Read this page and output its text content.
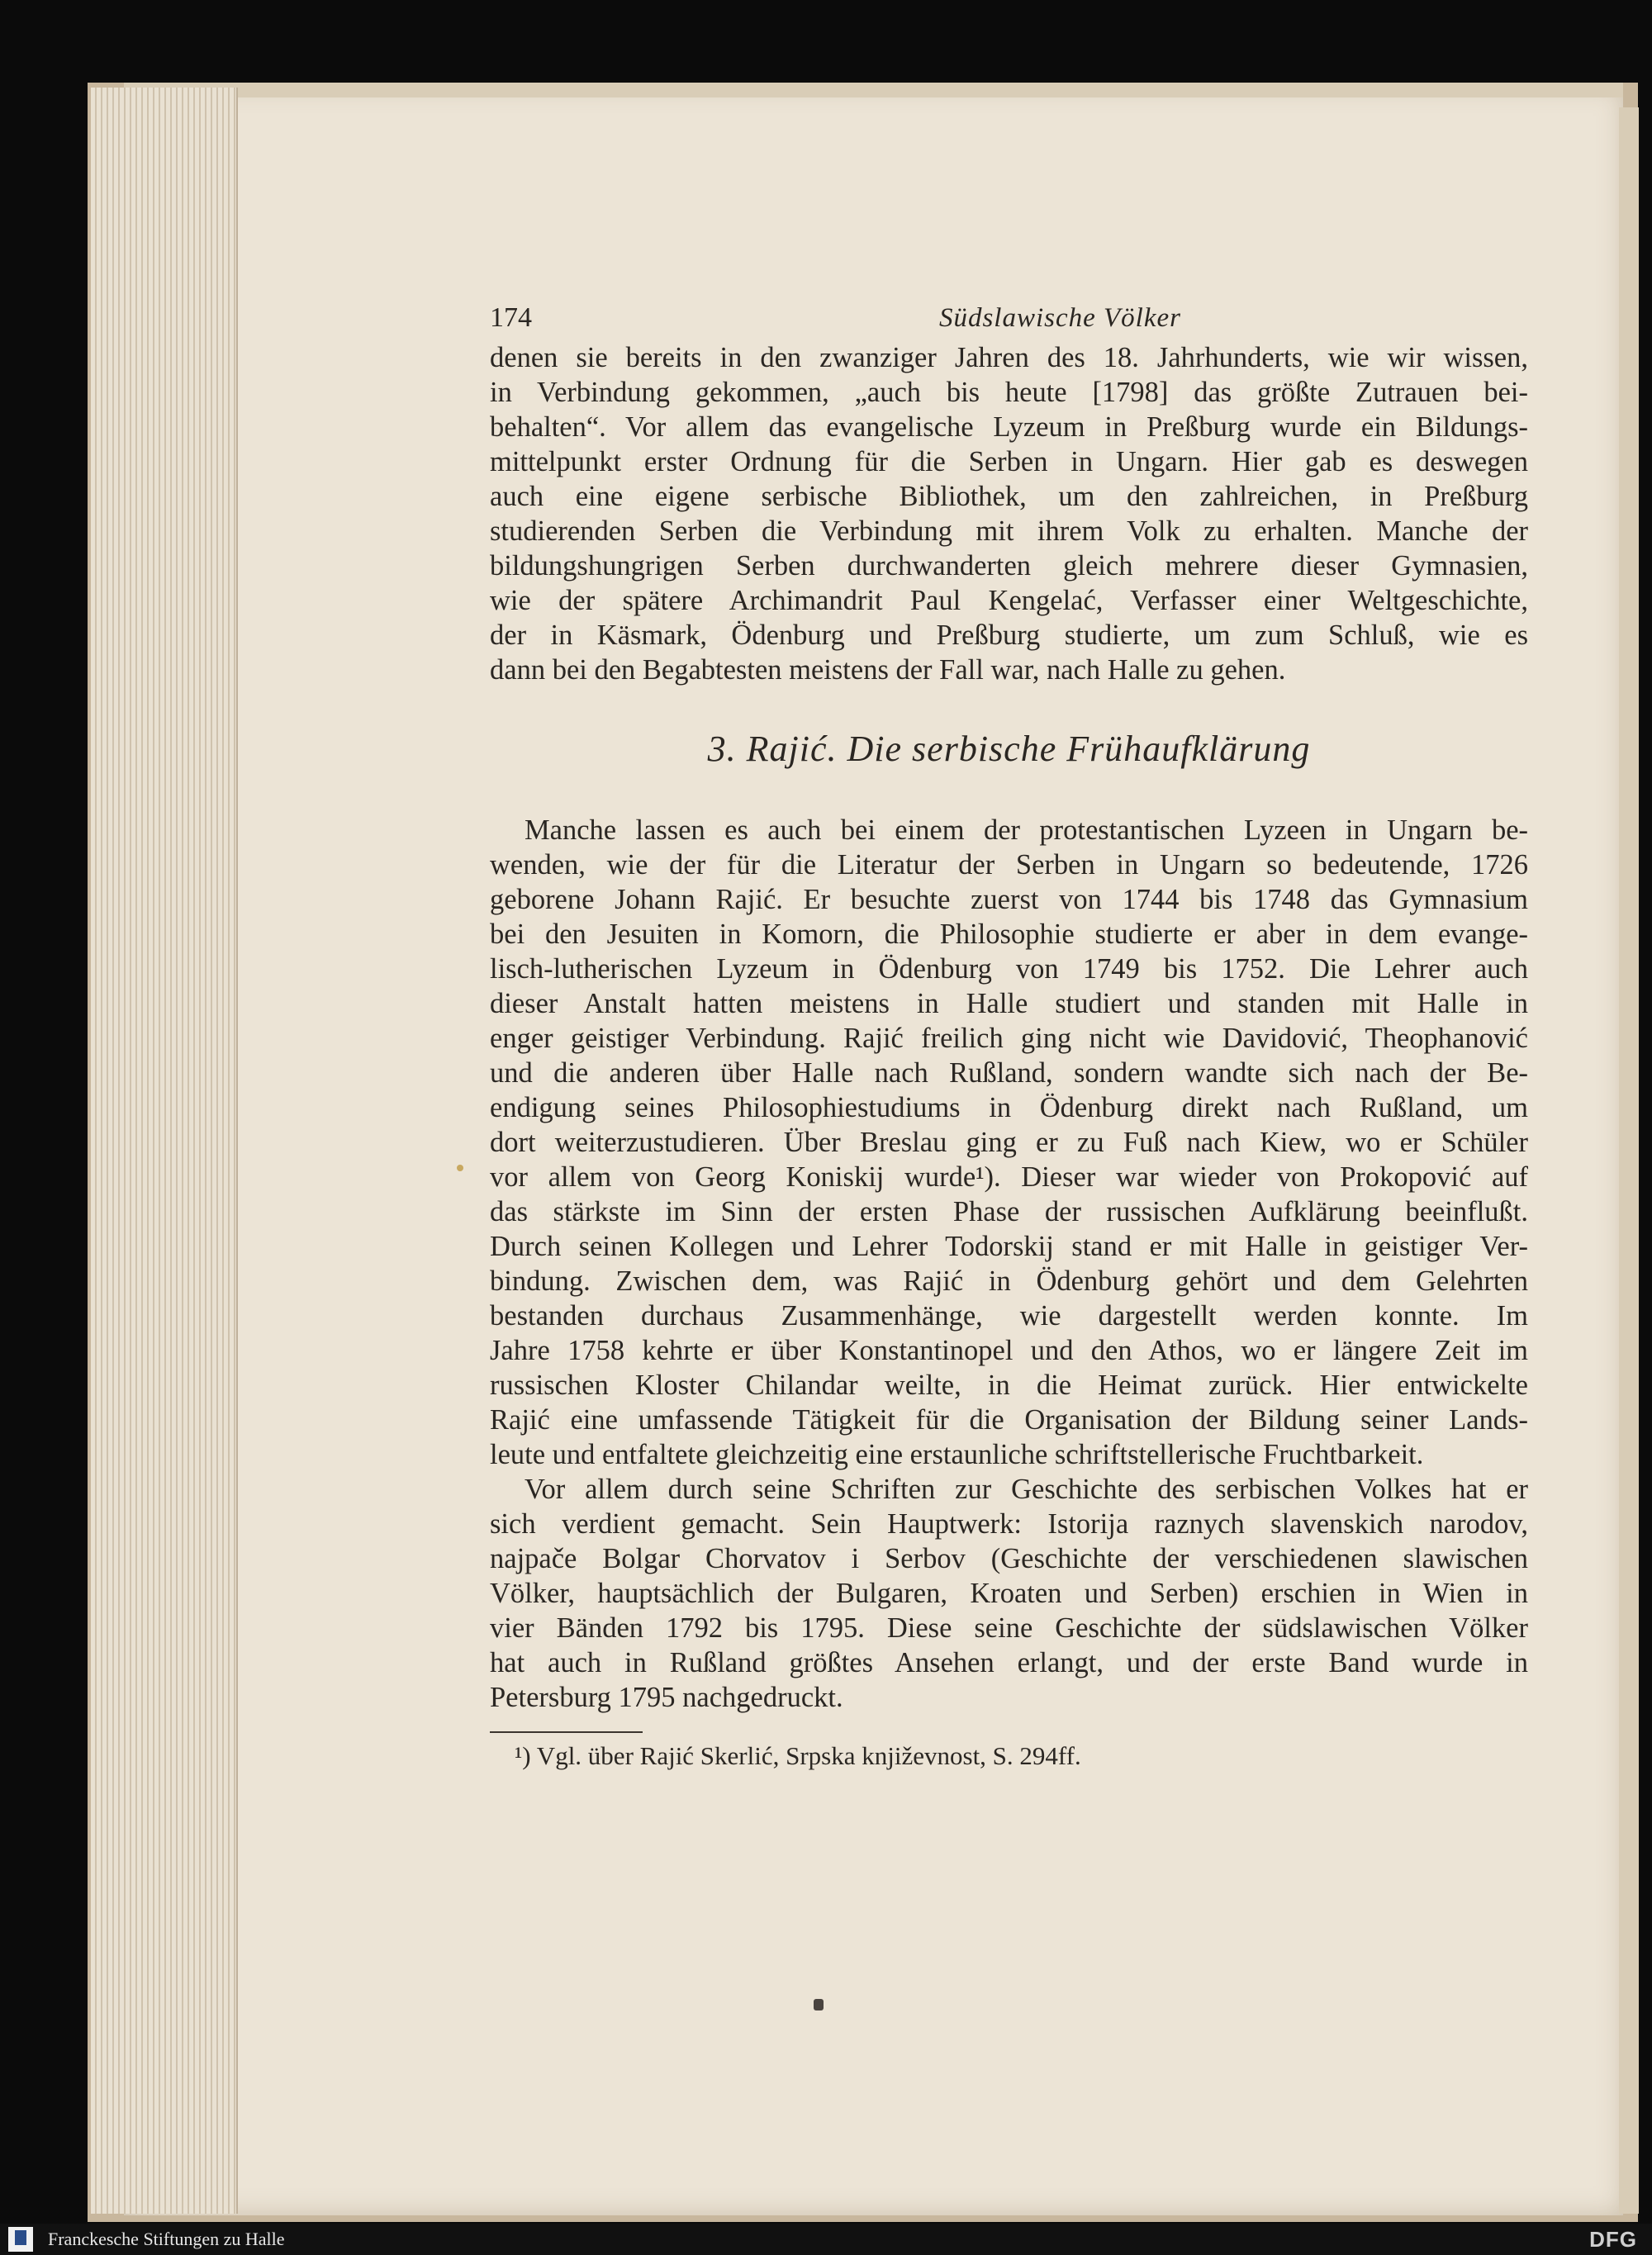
174	Südslawische Völker
denen sie bereits in den zwanziger Jahren des 18. Jahrhunderts, wie wir wissen,
in Verbindung gekommen, „auch bis heute [1798] das größte Zutrauen bei-
behalten“. Vor allem das evangelische Lyzeum in Preßburg wurde ein Bildungs-
mittelpunkt erster Ordnung für die Serben in Ungarn. Hier gab es deswegen
auch eine eigene serbische Bibliothek, um den zahlreichen, in Preßburg
studierenden Serben die Verbindung mit ihrem Volk zu erhalten. Manche der
bildungshungrigen Serben durchwanderten gleich mehrere dieser Gymnasien,
wie der spätere Archimandrit Paul Kengelać, Verfasser einer Weltgeschichte,
der in Käsmark, Ödenburg und Preßburg studierte, um zum Schluß, wie es
dann bei den Begabtesten meistens der Fall war, nach Halle zu gehen.
3. Rajić. Die serbische Frühaufklärung
Manche lassen es auch bei einem der protestantischen Lyzeen in Ungarn be-
wenden, wie der für die Literatur der Serben in Ungarn so bedeutende, 1726
geborene Johann Rajić. Er besuchte zuerst von 1744 bis 1748 das Gymnasium
bei den Jesuiten in Komorn, die Philosophie studierte er aber in dem evange-
lisch-lutherischen Lyzeum in Ödenburg von 1749 bis 1752. Die Lehrer auch
dieser Anstalt hatten meistens in Halle studiert und standen mit Halle in
enger geistiger Verbindung. Rajić freilich ging nicht wie Davidović, Theophanović
und die anderen über Halle nach Rußland, sondern wandte sich nach der Be-
endigung seines Philosophiestudiums in Ödenburg direkt nach Rußland, um
dort weiterzustudieren. Über Breslau ging er zu Fuß nach Kiew, wo er Schüler
vor allem von Georg Koniskij wurde¹). Dieser war wieder von Prokopović auf
das stärkste im Sinn der ersten Phase der russischen Aufklärung beeinflußt.
Durch seinen Kollegen und Lehrer Todorskij stand er mit Halle in geistiger Ver-
bindung. Zwischen dem, was Rajić in Ödenburg gehört und dem Gelehrten
bestanden durchaus Zusammenhänge, wie dargestellt werden konnte. Im
Jahre 1758 kehrte er über Konstantinopel und den Athos, wo er längere Zeit im
russischen Kloster Chilandar weilte, in die Heimat zurück. Hier entwickelte
Rajić eine umfassende Tätigkeit für die Organisation der Bildung seiner Lands-
leute und entfaltete gleichzeitig eine erstaunliche schriftstellerische Fruchtbarkeit.
Vor allem durch seine Schriften zur Geschichte des serbischen Volkes hat er
sich verdient gemacht. Sein Hauptwerk: Istorija raznych slavenskich narodov,
najpače Bolgar Chorvatov i Serbov (Geschichte der verschiedenen slawischen
Völker, hauptsächlich der Bulgaren, Kroaten und Serben) erschien in Wien in
vier Bänden 1792 bis 1795. Diese seine Geschichte der südslawischen Völker
hat auch in Rußland größtes Ansehen erlangt, und der erste Band wurde in
Petersburg 1795 nachgedruckt.
¹) Vgl. über Rajić Skerlić, Srpska književnost, S. 294ff.
Franckesche Stiftungen zu Halle	DFG
